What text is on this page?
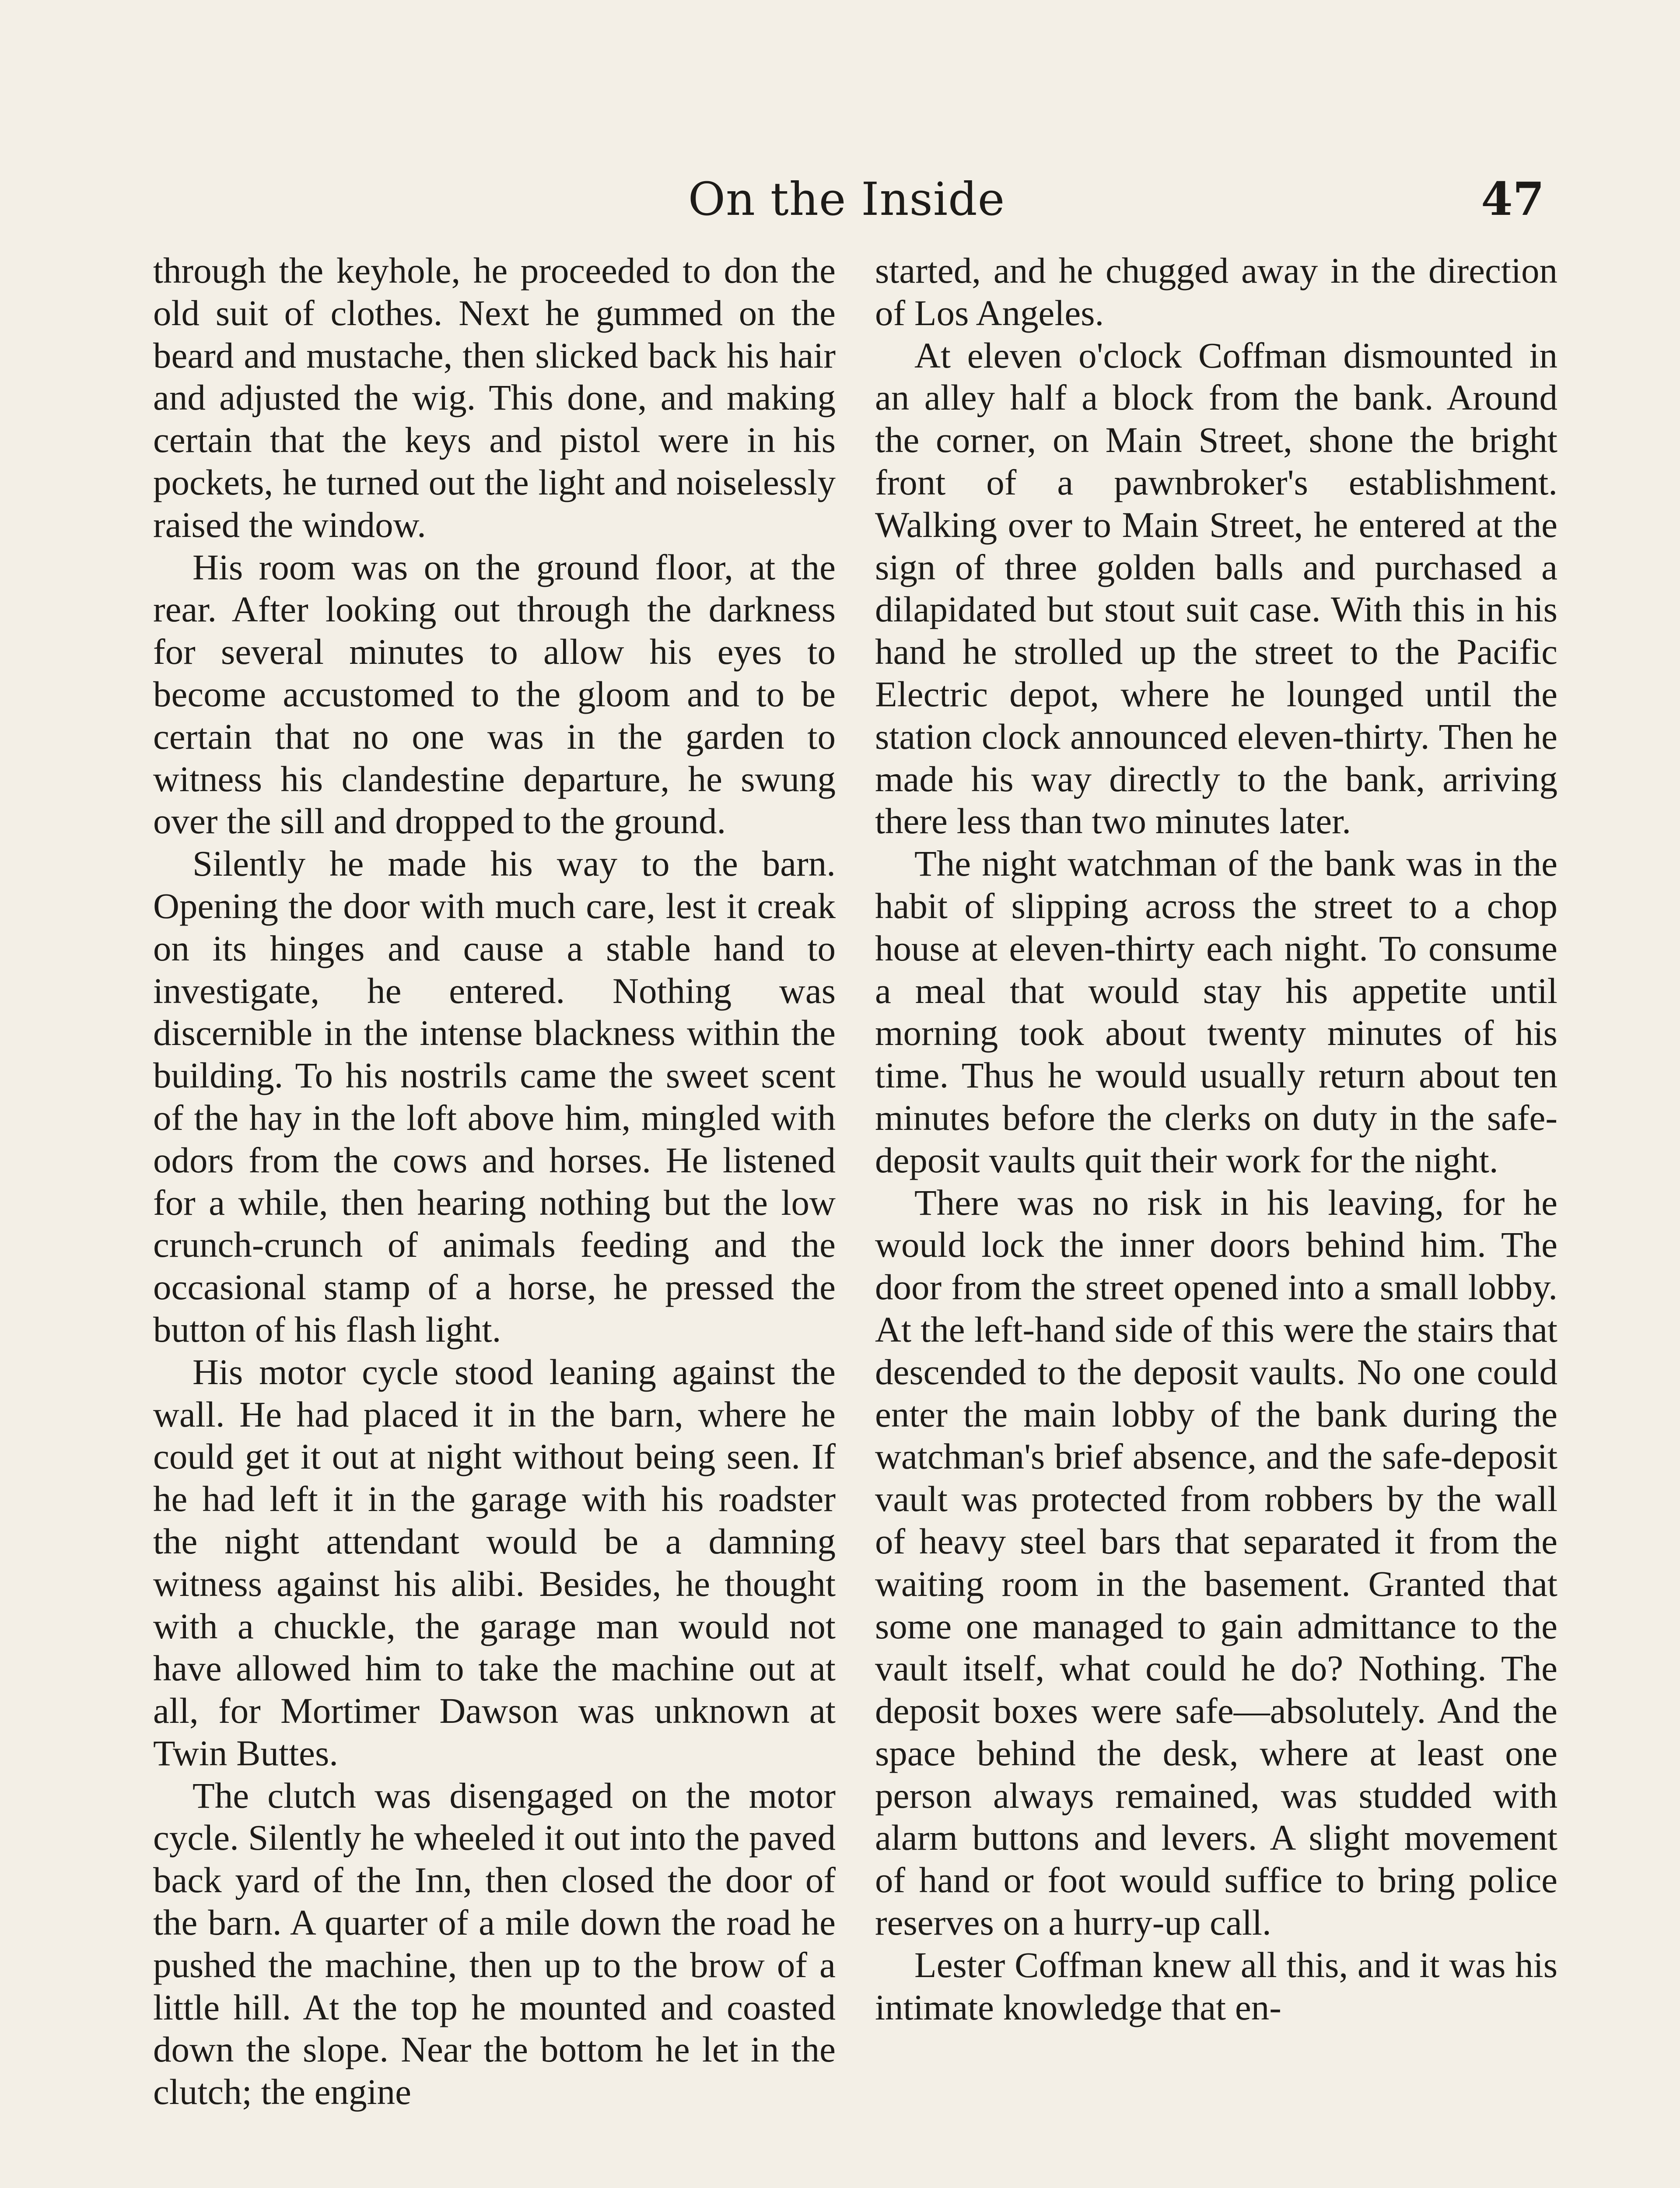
On the Inside	47

through the keyhole, he proceeded to don the old suit of clothes. Next he gummed on the beard and mustache, then slicked back his hair and adjusted the wig. This done, and making certain that the keys and pistol were in his pockets, he turned out the light and noiselessly raised the window.

His room was on the ground floor, at the rear. After looking out through the darkness for several minutes to allow his eyes to become accustomed to the gloom and to be certain that no one was in the garden to witness his clandestine departure, he swung over the sill and dropped to the ground.

Silently he made his way to the barn. Opening the door with much care, lest it creak on its hinges and cause a stable hand to investigate, he entered. Nothing was discernible in the intense blackness within the building. To his nostrils came the sweet scent of the hay in the loft above him, mingled with odors from the cows and horses. He listened for a while, then hearing nothing but the low crunch-crunch of animals feeding and the occasional stamp of a horse, he pressed the button of his flash light.

His motor cycle stood leaning against the wall. He had placed it in the barn, where he could get it out at night without being seen. If he had left it in the garage with his roadster the night attendant would be a damning witness against his alibi. Besides, he thought with a chuckle, the garage man would not have allowed him to take the machine out at all, for Mortimer Dawson was unknown at Twin Buttes.

The clutch was disengaged on the motor cycle. Silently he wheeled it out into the paved back yard of the Inn, then closed the door of the barn. A quarter of a mile down the road he pushed the machine, then up to the brow of a little hill. At the top he mounted and coasted down the slope. Near the bottom he let in the clutch; the engine

started, and he chugged away in the direction of Los Angeles.

At eleven o'clock Coffman dismounted in an alley half a block from the bank. Around the corner, on Main Street, shone the bright front of a pawnbroker's establishment. Walking over to Main Street, he entered at the sign of three golden balls and purchased a dilapidated but stout suit case. With this in his hand he strolled up the street to the Pacific Electric depot, where he lounged until the station clock announced eleven-thirty. Then he made his way directly to the bank, arriving there less than two minutes later.

The night watchman of the bank was in the habit of slipping across the street to a chop house at eleven-thirty each night. To consume a meal that would stay his appetite until morning took about twenty minutes of his time. Thus he would usually return about ten minutes before the clerks on duty in the safe-deposit vaults quit their work for the night.

There was no risk in his leaving, for he would lock the inner doors behind him. The door from the street opened into a small lobby. At the left-hand side of this were the stairs that descended to the deposit vaults. No one could enter the main lobby of the bank during the watchman's brief absence, and the safe-deposit vault was protected from robbers by the wall of heavy steel bars that separated it from the waiting room in the basement. Granted that some one managed to gain admittance to the vault itself, what could he do? Nothing. The deposit boxes were safe—absolutely. And the space behind the desk, where at least one person always remained, was studded with alarm buttons and levers. A slight movement of hand or foot would suffice to bring police reserves on a hurry-up call.

Lester Coffman knew all this, and it was his intimate knowledge that en-
